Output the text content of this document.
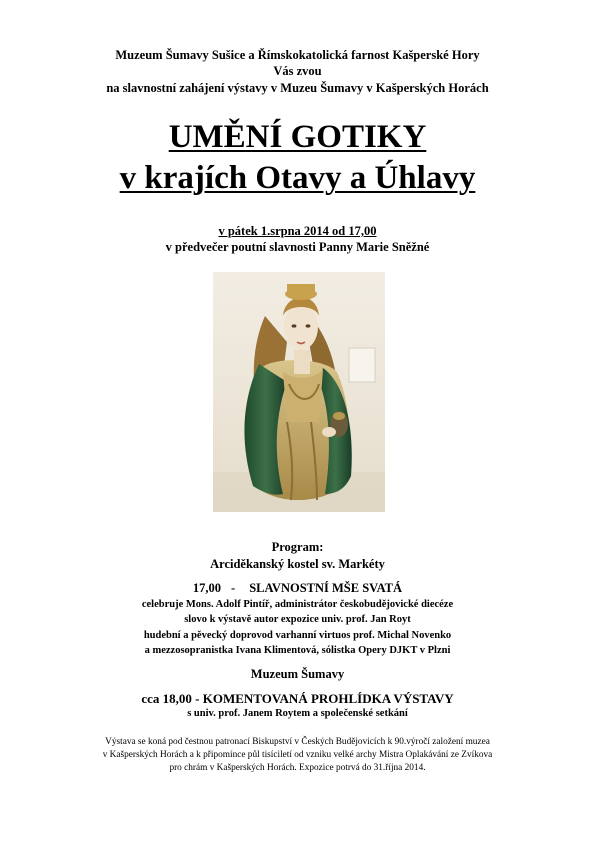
Muzeum Šumavy Sušice a Římskokatolická farnost Kašperské Hory
Vás zvou
na slavnostní zahájení výstavy v Muzeu Šumavy v Kašperských Horách
UMĚNÍ GOTIKY
v krajích Otavy a Úhlavy
v pátek 1.srpna 2014 od 17,00
v předvečer poutní slavnosti Panny Marie Sněžné
Program:
Arciděkanský kostel sv. Markéty
17,00 - SLAVNOSTNÍ MŠE SVATÁ
celebruje Mons. Adolf Pintíř, administrátor českobudějovické diecéze
slovo k výstavě autor expozice univ. prof. Jan Royt
hudební a pěvecký doprovod varhanní virtuos prof. Michal Novenko
a mezzosopranistka Ivana Klimentová, sólistka Opery DJKT v Plzni
Muzeum Šumavy
cca 18,00 - KOMENTOVANÁ PROHLÍDKA VÝSTAVY
s univ. prof. Janem Roytem a společenské setkání
Výstava se koná pod čestnou patronací Biskupství v Českých Budějovicích k 90.výročí založení muzea
v Kašperských Horách a k připomínce půl tisíciletí od vzniku velké archy Mistra Oplakávání ze Zvíkova
pro chrám v Kašperských Horách. Expozice potrvá do 31.října 2014.
